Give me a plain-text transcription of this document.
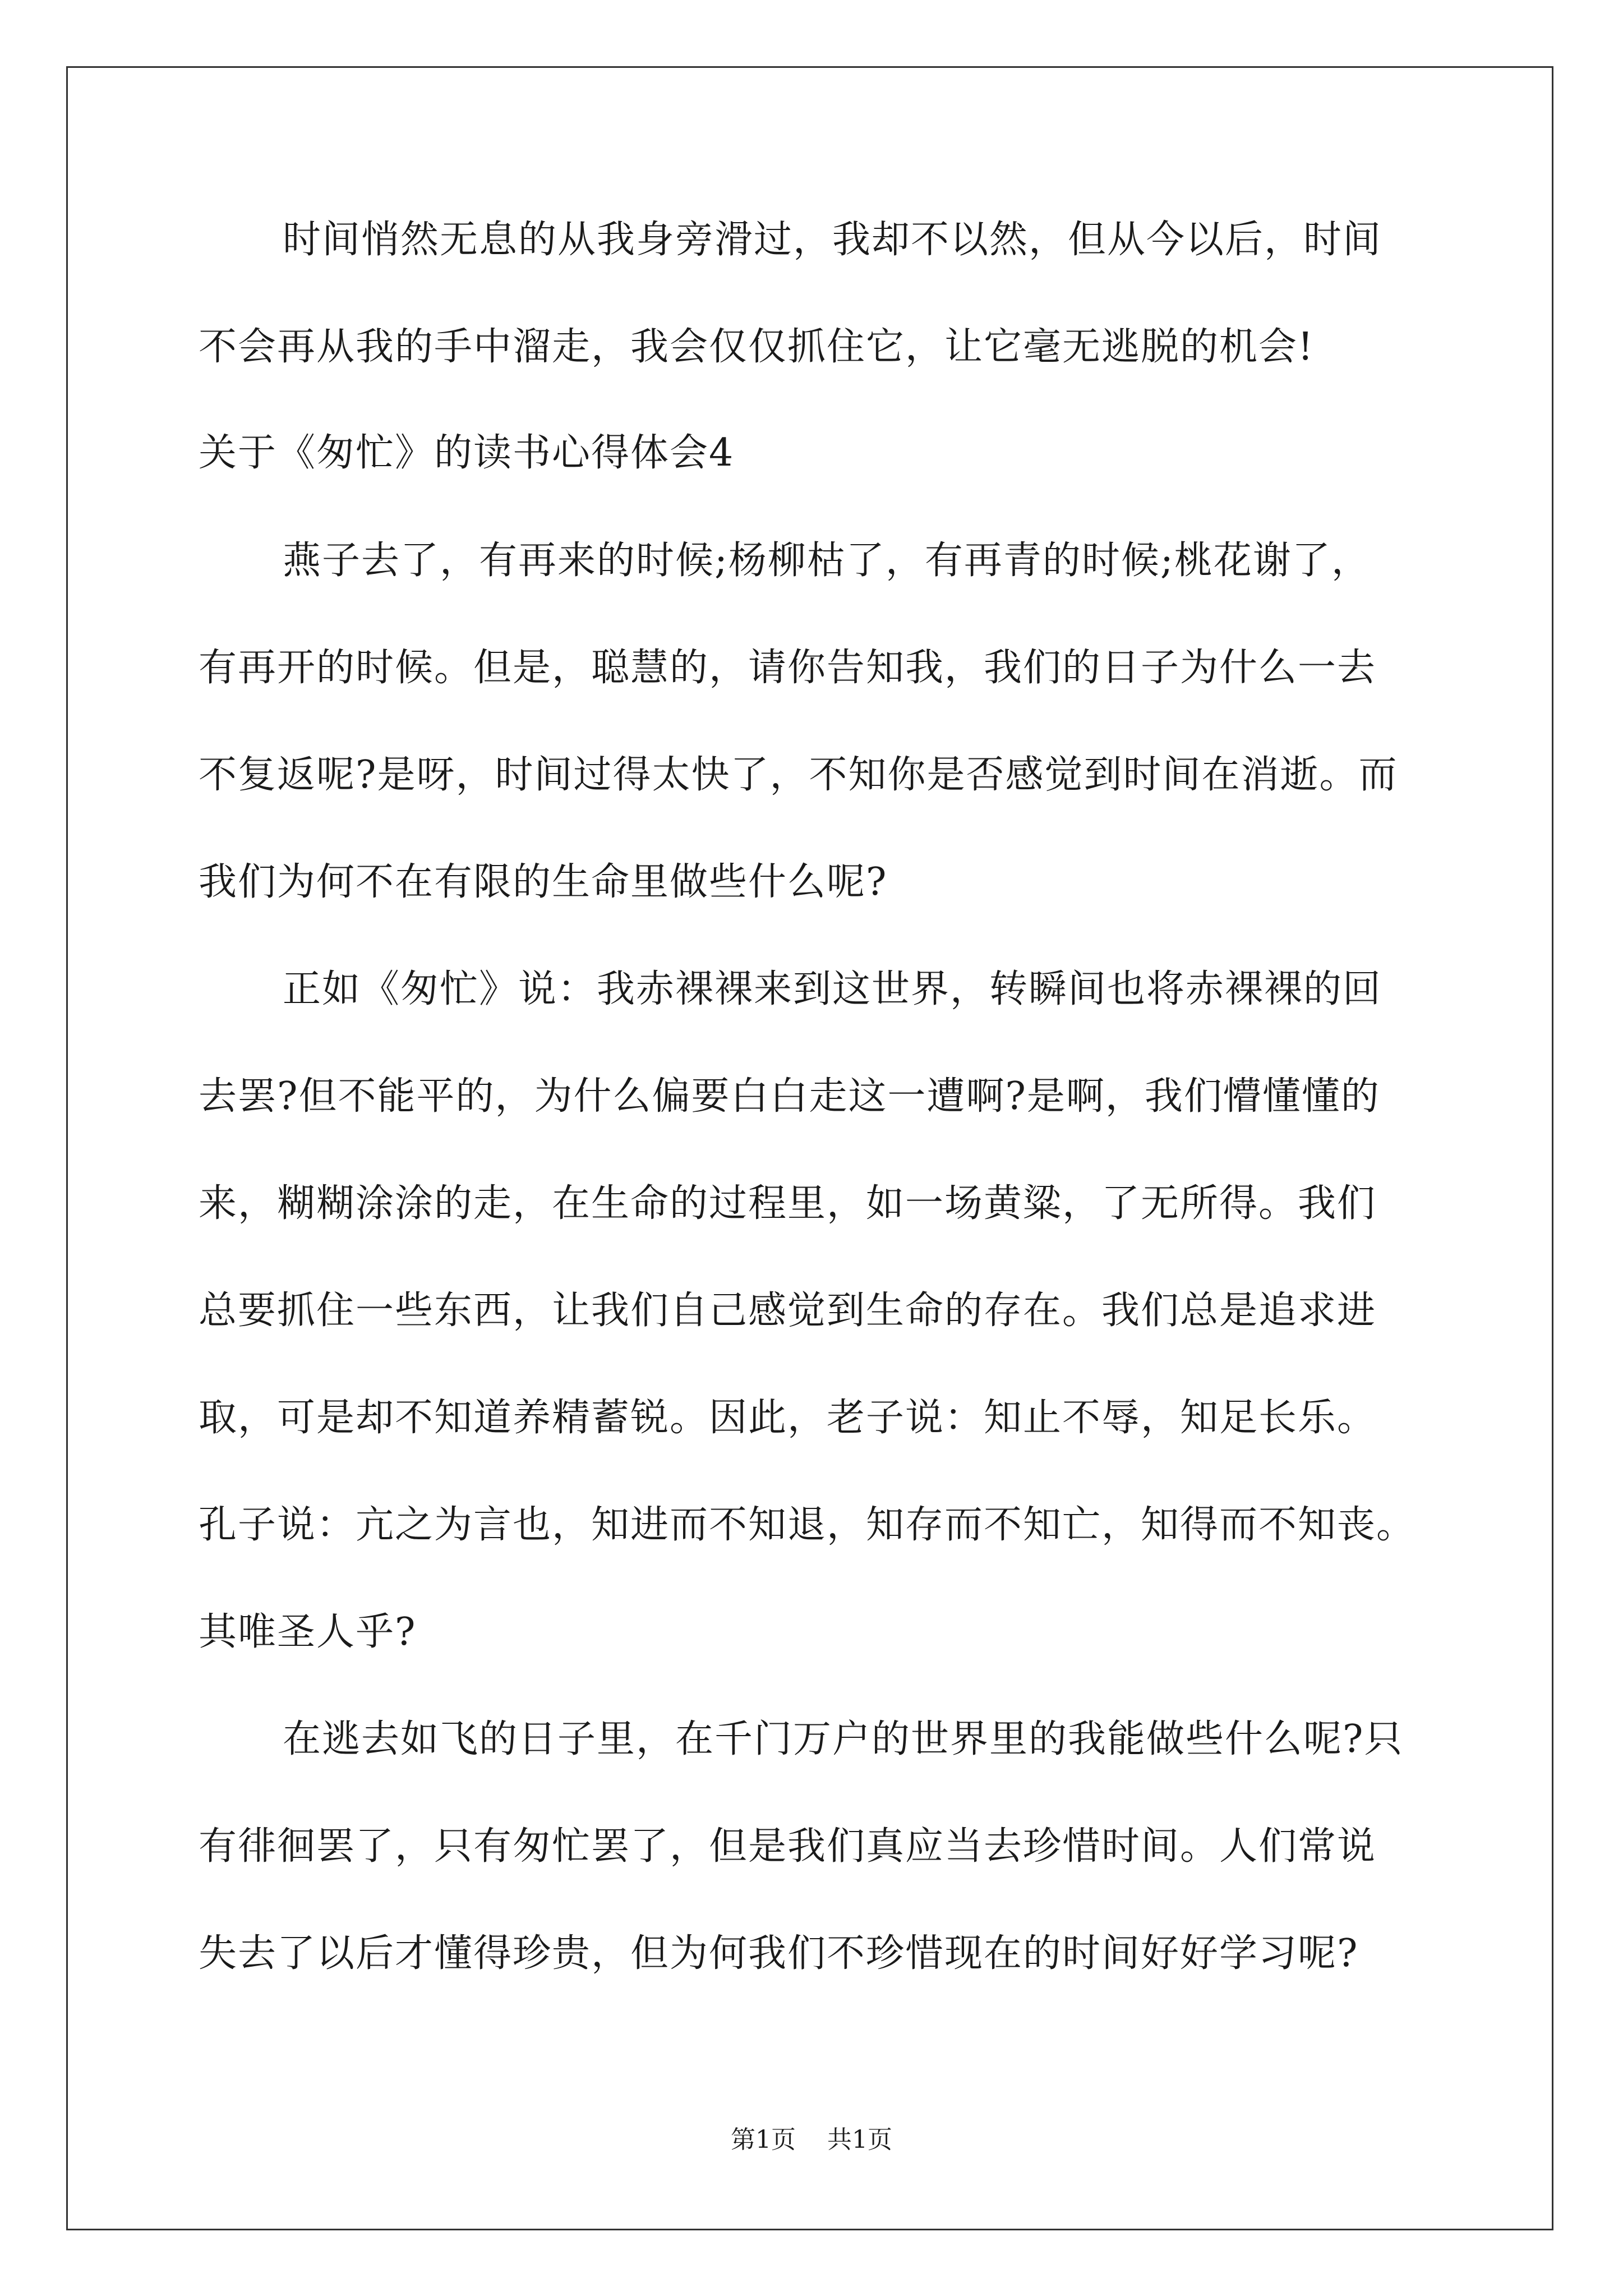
时间悄然无息的从我身旁滑过，我却不以然，但从今以后，时间
不会再从我的手中溜走，我会仅仅抓住它，让它毫无逃脱的机会!
关于《匆忙》的读书心得体会4
燕子去了，有再来的时候;杨柳枯了，有再青的时候;桃花谢了，
有再开的时候。但是，聪慧的，请你告知我，我们的日子为什么一去
不复返呢?是呀，时间过得太快了，不知你是否感觉到时间在消逝。而
我们为何不在有限的生命里做些什么呢?
正如《匆忙》说：我赤裸裸来到这世界，转瞬间也将赤裸裸的回
去罢?但不能平的，为什么偏要白白走这一遭啊?是啊，我们懵懂懂的
来，糊糊涂涂的走，在生命的过程里，如一场黄粱，了无所得。我们
总要抓住一些东西，让我们自己感觉到生命的存在。我们总是追求进
取，可是却不知道养精蓄锐。因此，老子说：知止不辱，知足长乐。
孔子说：亢之为言也，知进而不知退，知存而不知亡，知得而不知丧。
其唯圣人乎?
在逃去如飞的日子里，在千门万户的世界里的我能做些什么呢?只
有徘徊罢了，只有匆忙罢了，但是我们真应当去珍惜时间。人们常说
失去了以后才懂得珍贵，但为何我们不珍惜现在的时间好好学习呢?
第1页 共1页
